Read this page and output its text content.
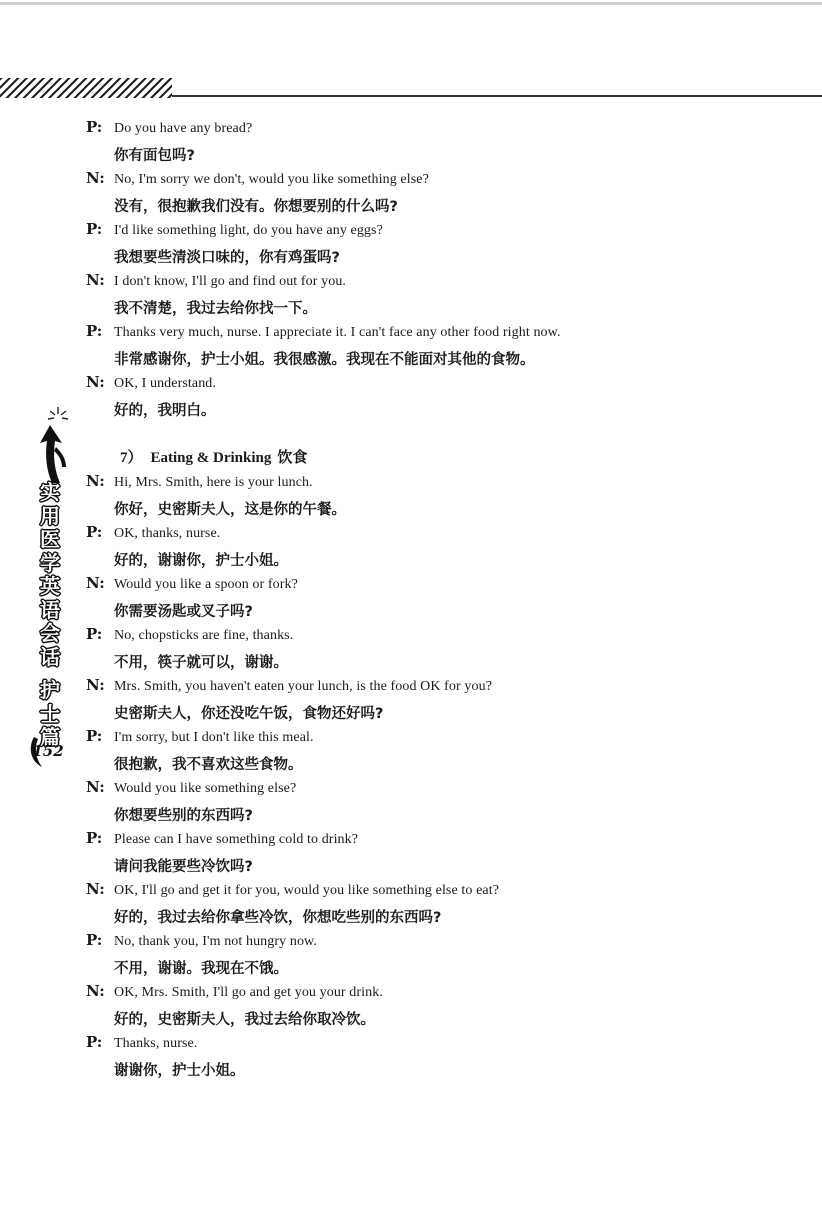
P: Do you have any bread?
你有面包吗?
N: No, I'm sorry we don't, would you like something else?
没有，很抱歉我们没有。你想要别的什么吗?
P: I'd like something light, do you have any eggs?
我想要些清淡口味的，你有鸡蛋吗?
N: I don't know, I'll go and find out for you.
我不清楚，我过去给你找一下。
P: Thanks very much, nurse. I appreciate it. I can't face any other food right now.
非常感谢你，护士小姐。我很感激。我现在不能面对其他的食物。
N: OK, I understand.
好的，我明白。
7） Eating & Drinking 饮食
N: Hi, Mrs. Smith, here is your lunch.
你好，史密斯夫人，这是你的午餐。
P: OK, thanks, nurse.
好的，谢谢你，护士小姐。
N: Would you like a spoon or fork?
你需要汤匙或叉子吗?
P: No, chopsticks are fine, thanks.
不用，筷子就可以，谢谢。
N: Mrs. Smith, you haven't eaten your lunch, is the food OK for you?
史密斯夫人，你还没吃午饭，食物还好吗?
P: I'm sorry, but I don't like this meal.
很抱歉，我不喜欢这些食物。
N: Would you like something else?
你想要些别的东西吗?
P: Please can I have something cold to drink?
请问我能要些冷饮吗?
N: OK, I'll go and get it for you, would you like something else to eat?
好的，我过去给你拿些冷饮，你想吃些别的东西吗?
P: No, thank you, I'm not hungry now.
不用，谢谢。我现在不饿。
N: OK, Mrs. Smith, I'll go and get you your drink.
好的，史密斯夫人，我过去给你取冷饮。
P: Thanks, nurse.
谢谢你，护士小姐。
实
用
医
学
英
语
会
话
护
士
篇
152
